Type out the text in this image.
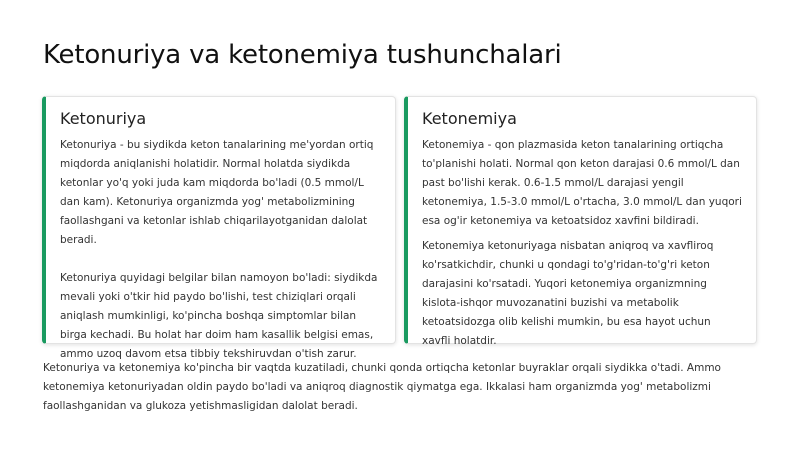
Ketonuriya va ketonemiya tushunchalari
Ketonuriya

Ketonuriya - bu siydikda keton tanalarining me'yordan ortiq miqdorda aniqlanishi holatidir. Normal holatda siydikda ketonlar yo'q yoki juda kam miqdorda bo'ladi (0.5 mmol/L dan kam). Ketonuriya organizmda yog' metabolizmining faollashgani va ketonlar ishlab chiqarilayotganidan dalolat beradi.

Ketonuriya quyidagi belgilar bilan namoyon bo'ladi: siydikda mevali yoki o'tkir hid paydo bo'lishi, test chiziqlari orqali aniqlash mumkinligi, ko'pincha boshqa simptomlar bilan birga kechadi. Bu holat har doim ham kasallik belgisi emas, ammo uzoq davom etsa tibbiy tekshiruvdan o'tish zarur.

Ketonemiya

Ketonemiya - qon plazmasida keton tanalarining ortiqcha to'planishi holati. Normal qon keton darajasi 0.6 mmol/L dan past bo'lishi kerak. 0.6-1.5 mmol/L darajasi yengil ketonemiya, 1.5-3.0 mmol/L o'rtacha, 3.0 mmol/L dan yuqori esa og'ir ketonemiya va ketoatsidoz xavfini bildiradi.

Ketonemiya ketonuriyaga nisbatan aniqroq va xavfliroq ko'rsatkichdir, chunki u qondagi to'g'ridan-to'g'ri keton darajasini ko'rsatadi. Yuqori ketonemiya organizmning kislota-ishqor muvozanatini buzishi va metabolik ketoatsidozga olib kelishi mumkin, bu esa hayot uchun xavfli holatdir.

Ketonuriya va ketonemiya ko'pincha bir vaqtda kuzatiladi, chunki qonda ortiqcha ketonlar buyraklar orqali siydikka o'tadi. Ammo ketonemiya ketonuriyadan oldin paydo bo'ladi va aniqroq diagnostik qiymatga ega. Ikkalasi ham organizmda yog' metabolizmi faollashganidan va glukoza yetishmasligidan dalolat beradi.
